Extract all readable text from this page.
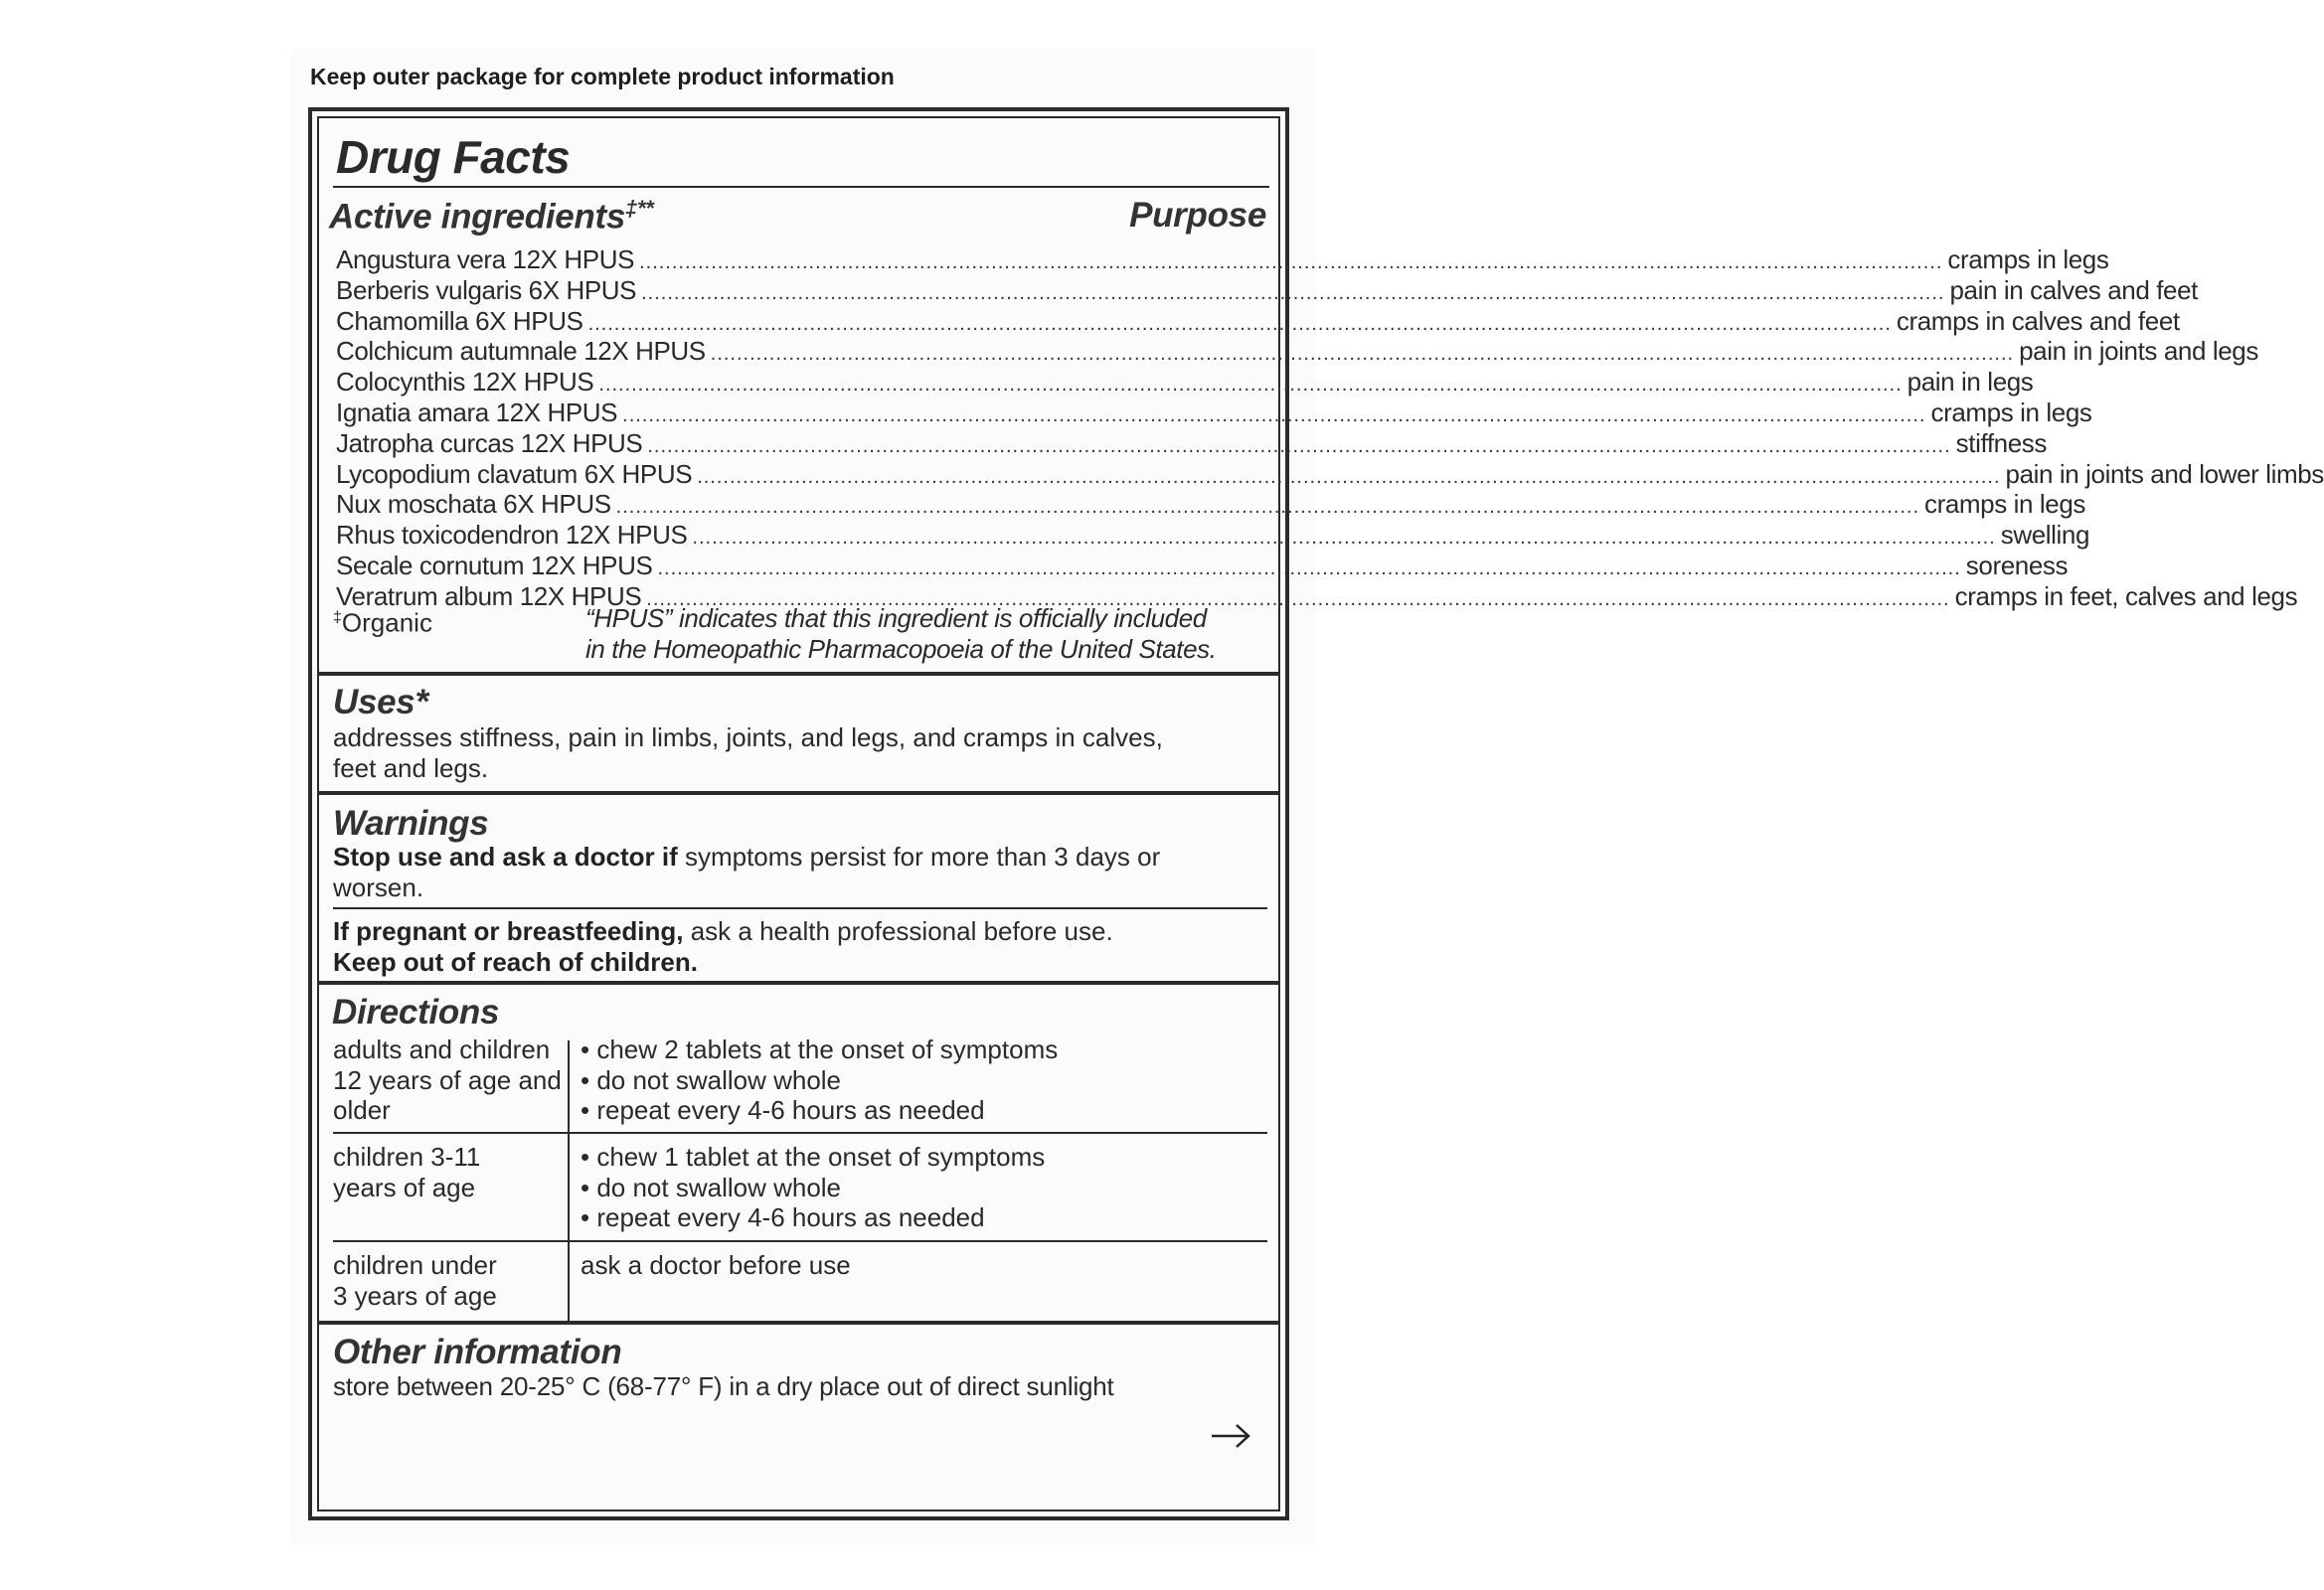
Keep outer package for complete product information
Drug Facts
Active ingredients‡**	Purpose
Angustura vera 12X HPUS ........................................................................................................................................................................................................ cramps in legs
Berberis vulgaris 6X HPUS ........................................................................................................................................................................................................ pain in calves and feet
Chamomilla 6X HPUS ........................................................................................................................................................................................................ cramps in calves and feet
Colchicum autumnale 12X HPUS ........................................................................................................................................................................................................ pain in joints and legs
Colocynthis 12X HPUS ........................................................................................................................................................................................................ pain in legs
Ignatia amara 12X HPUS ........................................................................................................................................................................................................ cramps in legs
Jatropha curcas 12X HPUS ........................................................................................................................................................................................................ stiffness
Lycopodium clavatum 6X HPUS ........................................................................................................................................................................................................ pain in joints and lower limbs
Nux moschata 6X HPUS ........................................................................................................................................................................................................ cramps in legs
Rhus toxicodendron 12X HPUS ........................................................................................................................................................................................................ swelling
Secale cornutum 12X HPUS ........................................................................................................................................................................................................ soreness
Veratrum album 12X HPUS ........................................................................................................................................................................................................ cramps in feet, calves and legs
‡Organic	“HPUS” indicates that this ingredient is officially included
in the Homeopathic Pharmacopoeia of the United States.
Uses*
addresses stiffness, pain in limbs, joints, and legs, and cramps in calves,
feet and legs.
Warnings
Stop use and ask a doctor if symptoms persist for more than 3 days or
worsen.
If pregnant or breastfeeding, ask a health professional before use.
Keep out of reach of children.
Directions
adults and children
12 years of age and
older
• chew 2 tablets at the onset of symptoms
• do not swallow whole
• repeat every 4-6 hours as needed
children 3-11
years of age
• chew 1 tablet at the onset of symptoms
• do not swallow whole
• repeat every 4-6 hours as needed
children under
3 years of age
ask a doctor before use
Other information
store between 20-25° C (68-77° F) in a dry place out of direct sunlight
